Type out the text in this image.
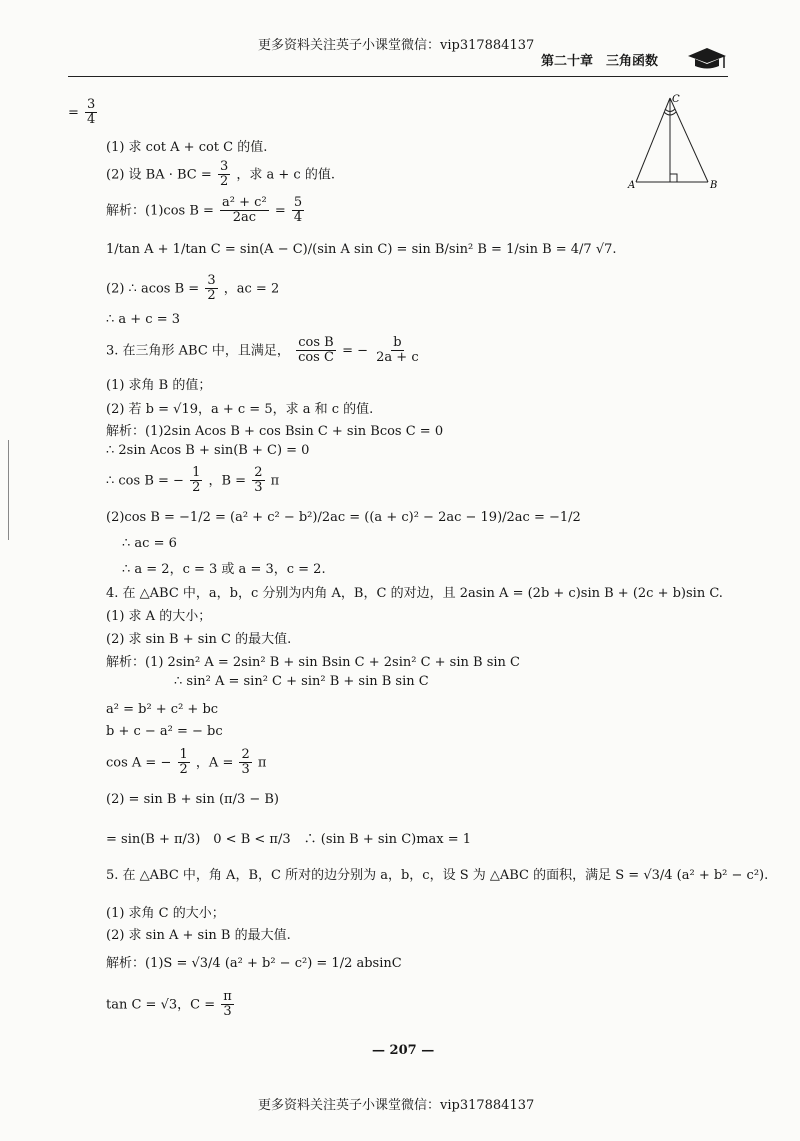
更多资料关注英子小课堂微信：vip317884137
第二十章　三角函数
C
A	B
= $\frac{3}{4}$
(1) 求 cot A + cot C 的值.
(2) 设 BA · BC = $\frac{3}{2}$ ，求 a + c 的值.
解析：(1)cos $B = \frac{\text{a² + c²}}{2ac} = \frac{5}{4}$
1/tan A + 1/tan C = sin(A − C)/(sin A sin C) = sin B/sin² B = 1/sin B = 4/7 √7.
(2) ∴ acos $B = \frac{3}{2}$ ，ac = 2
∴ a + c = 3
3. 在三角形 ABC 中，且满足， $\frac{\text{cos B}}{\text{cos C}}$ = − $\frac{b}{2a + c}$
(1) 求角 B 的值；
(2) 若 b = √19，a + c = 5，求 a 和 c 的值.
解析：(1)2sin Acos B + cos Bsin C + sin Bcos C = 0
∴ 2sin Acos B + sin(B + C) = 0
∴ cos B = − $\frac{1}{2}$ ，$B = \frac{2}{3}$ π
(2)cos B = −1/2 = (a² + c² − b²)/2ac = ((a + c)² − 2ac − 19)/2ac = −1/2
∴ ac = 6
∴ a = 2，c = 3 或 a = 3，c = 2.
4. 在 △ABC 中，a，b，c 分别为内角 A，B，C 的对边，且 2asin A = (2b + c)sin B + (2c + b)sin C.
(1) 求 A 的大小；
(2) 求 sin B + sin C 的最大值.
解析：(1) 2sin² A = 2sin² B + sin Bsin C + 2sin² C + sin B sin C
∴ sin² A = sin² C + sin² B + sin B sin C
a² = b² + c² + bc
b + c − a² = − bc
cos A = − $\frac{1}{2}$ ，$A = \frac{2}{3}$ π
(2) = sin B + sin (π/3 − B)
= sin(B + π/3)　0 < B < π/3　∴ (sin B + sin C)max = 1
5. 在 △ABC 中，角 A，B，C 所对的边分别为 a，b，c，设 S 为 △ABC 的面积，满足 S = √3/4 (a² + b² − c²).
(1) 求角 C 的大小；
(2) 求 sin A + sin B 的最大值.
解析：(1)S = √3/4 (a² + b² − c²) = 1/2 absinC
tan C = √3，$C = \frac{\pi}{3}$
— 207 —
更多资料关注英子小课堂微信：vip317884137
